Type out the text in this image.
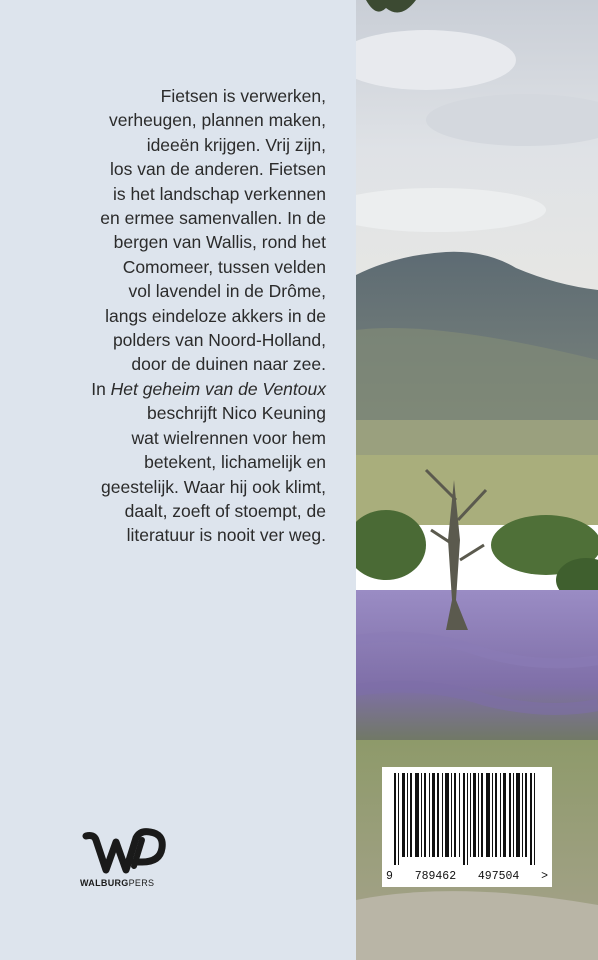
Fietsen is verwerken,
verheugen, plannen maken,
ideeën krijgen. Vrij zijn,
los van de anderen. Fietsen
is het landschap verkennen
en ermee samenvallen. In de
bergen van Wallis, rond het
Comomeer, tussen velden
vol lavendel in de Drôme,
langs eindeloze akkers in de
polders van Noord-Holland,
door de duinen naar zee.
In Het geheim van de Ventoux
beschrijft Nico Keuning
wat wielrennen voor hem
betekent, lichamelijk en
geestelijk. Waar hij ook klimt,
daalt, zoeft of stoempt, de
literatuur is nooit ver weg.
WALBURGPERS	9 789462 497504 >
